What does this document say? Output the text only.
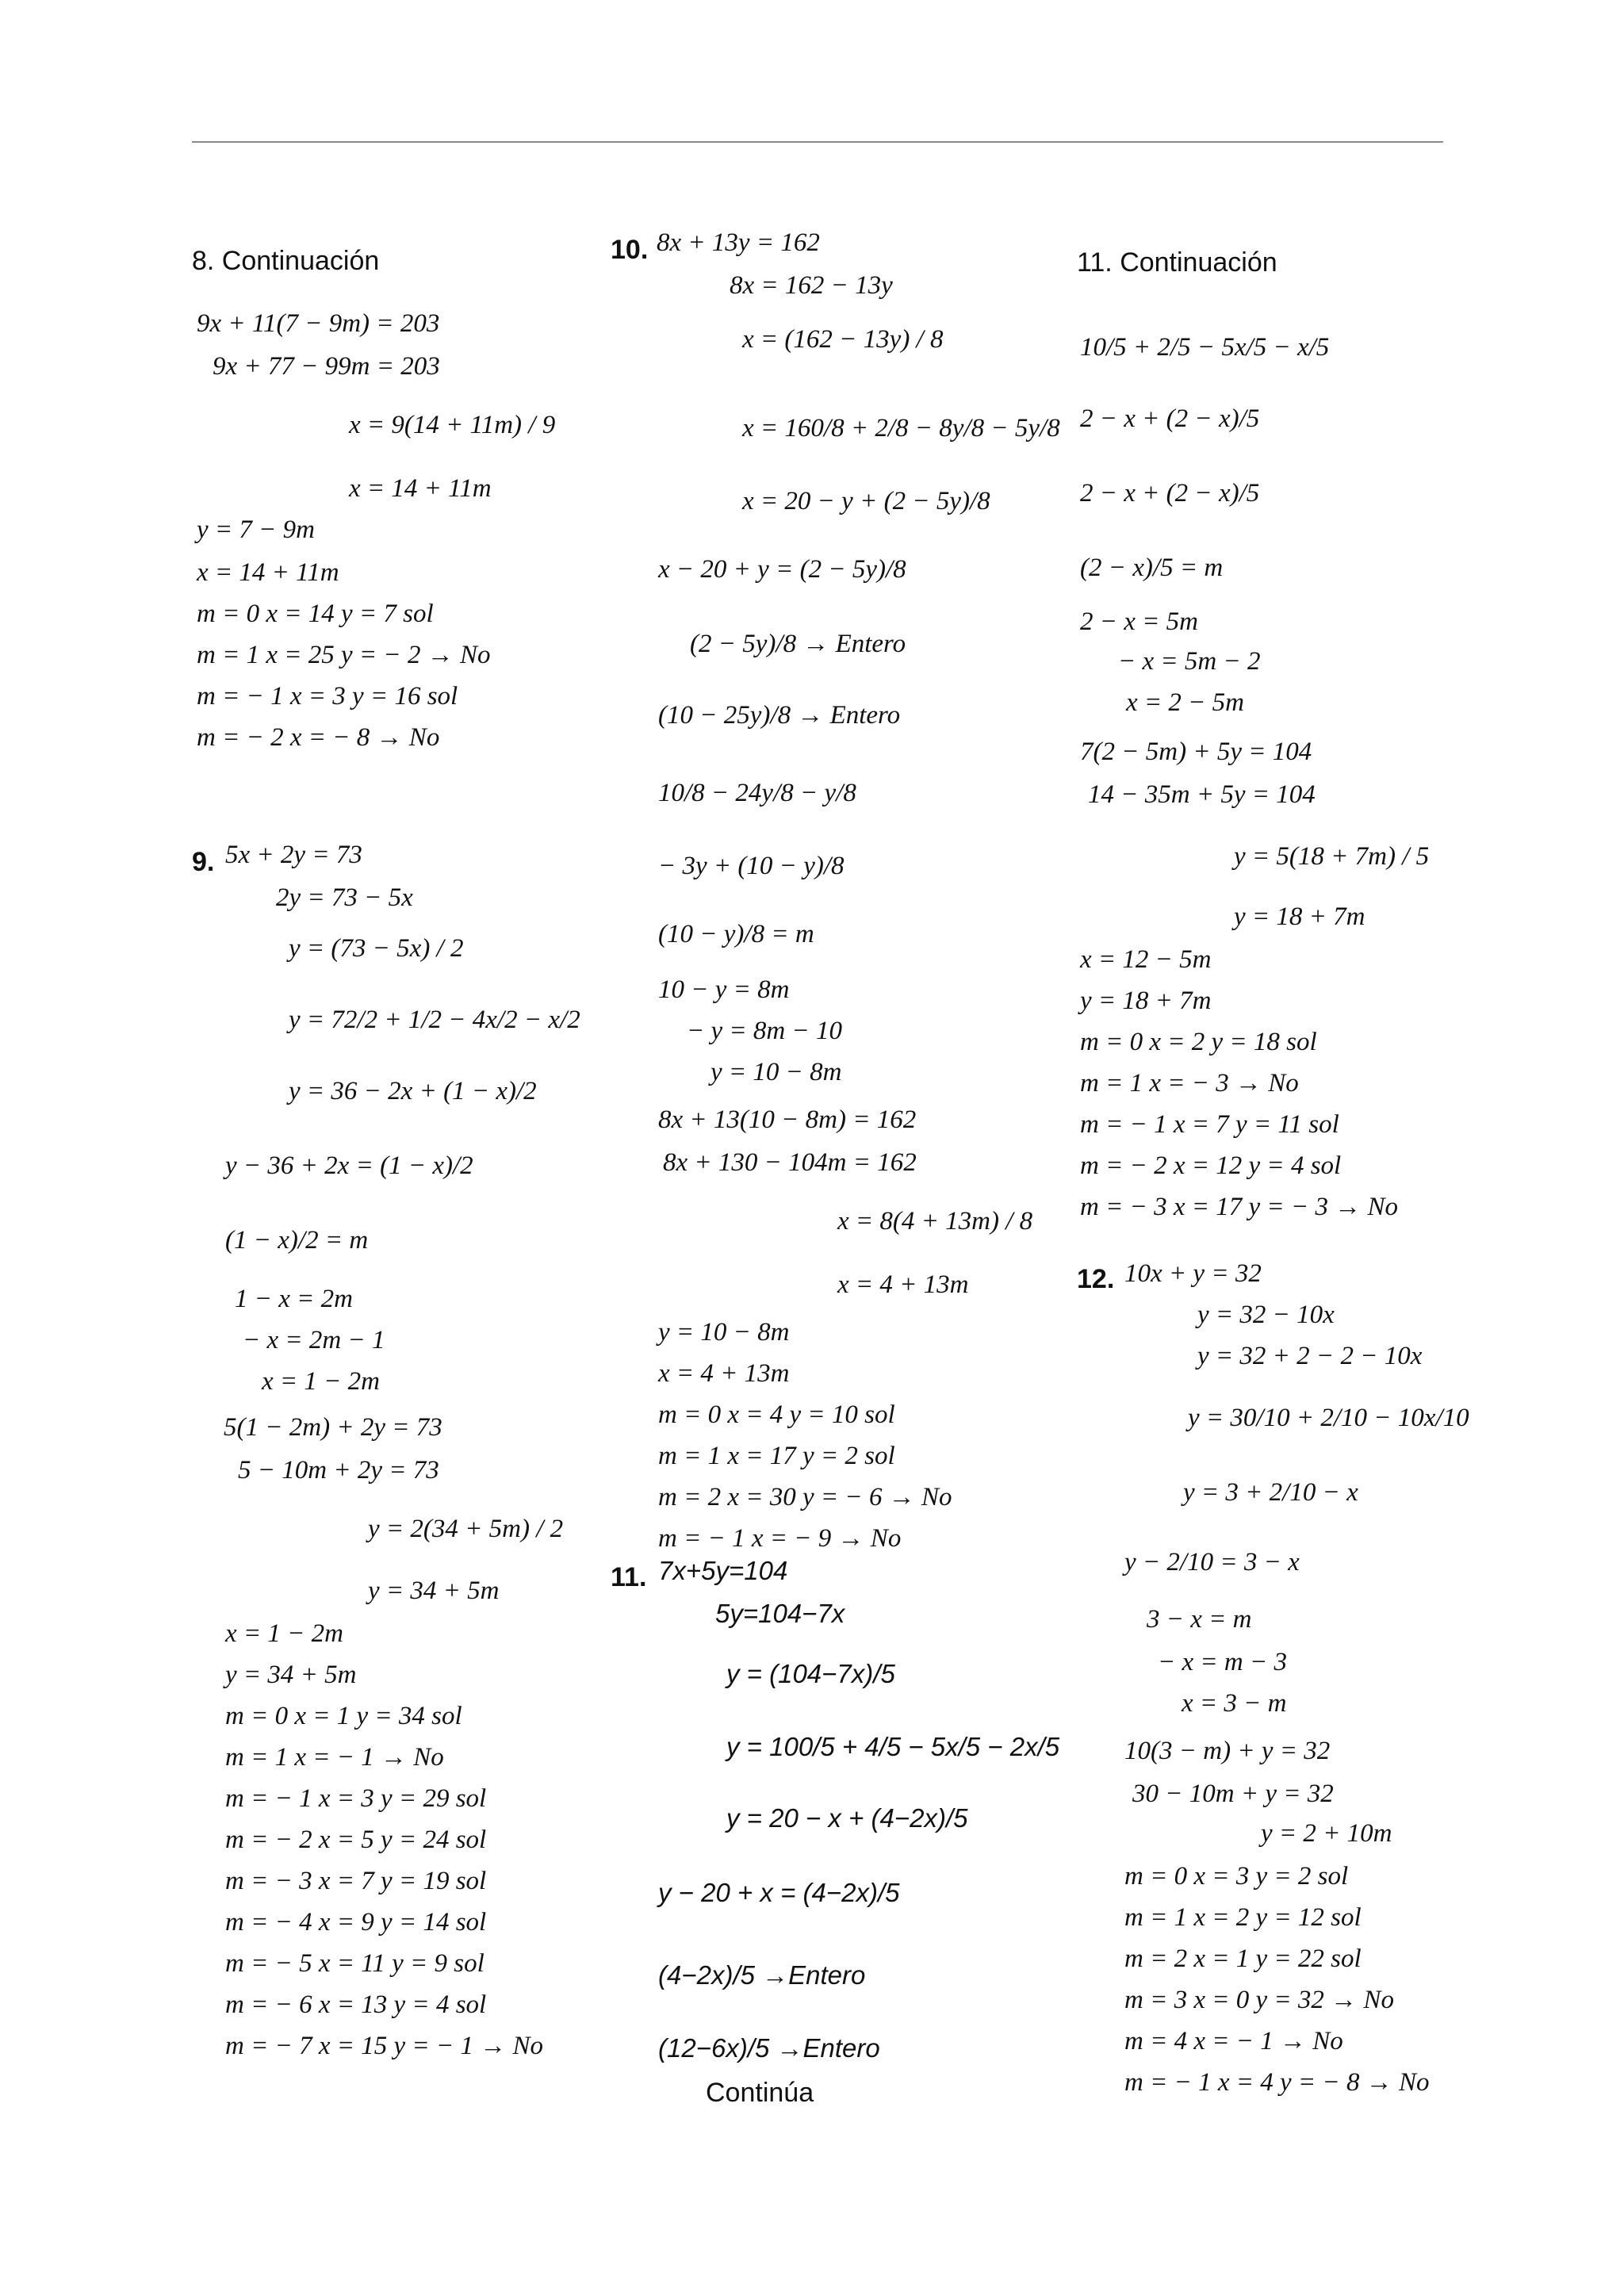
8. Continuación
9x + 11(7 − 9m) = 203
9x + 77 − 99m = 203
x = 9(14 + 11m) / 9
x = 14 + 11m
y = 7 − 9m
x = 14 + 11m
m = 0 x = 14 y = 7 sol
m = 1 x = 25 y = − 2 → No
m = − 1 x = 3 y = 16 sol
m = − 2 x = − 8 → No
9. 5x + 2y = 73
2y = 73 − 5x
y = (73 − 5x) / 2
y = 72/2 + 1/2 − 4x/2 − x/2
y = 36 − 2x + (1 − x)/2
y − 36 + 2x = (1 − x)/2
(1 − x)/2 = m
1 − x = 2m
− x = 2m − 1
x = 1 − 2m
5(1 − 2m) + 2y = 73
5 − 10m + 2y = 73
y = 2(34 + 5m) / 2
y = 34 + 5m
x = 1 − 2m
y = 34 + 5m
m = 0 x = 1 y = 34 sol
m = 1 x = − 1 → No
m = − 1 x = 3 y = 29 sol
m = − 2 x = 5 y = 24 sol
m = − 3 x = 7 y = 19 sol
m = − 4 x = 9 y = 14 sol
m = − 5 x = 11 y = 9 sol
m = − 6 x = 13 y = 4 sol
m = − 7 x = 15 y = − 1 → No
10. 8x + 13y = 162
8x = 162 − 13y
x = (162 − 13y) / 8
x = 160/8 + 2/8 − 8y/8 − 5y/8
x = 20 − y + (2 − 5y)/8
x − 20 + y = (2 − 5y)/8
(2 − 5y)/8 → Entero
(10 − 25y)/8 → Entero
10/8 − 24y/8 − y/8
− 3y + (10 − y)/8
(10 − y)/8 = m
10 − y = 8m
− y = 8m − 10
y = 10 − 8m
8x + 13(10 − 8m) = 162
8x + 130 − 104m = 162
x = 8(4 + 13m) / 8
x = 4 + 13m
y = 10 − 8m
x = 4 + 13m
m = 0 x = 4 y = 10 sol
m = 1 x = 17 y = 2 sol
m = 2 x = 30 y = − 6 → No
m = − 1 x = − 9 → No
11. 7x+5y=104
5y=104−7x
y = (104−7x)/5
y = 100/5 + 4/5 − 5x/5 − 2x/5
y = 20 − x + (4−2x)/5
y − 20 + x = (4−2x)/5
(4−2x)/5 →Entero
(12−6x)/5 →Entero
Continúa
11. Continuación
10/5 + 2/5 − 5x/5 − x/5
2 − x + (2 − x)/5
2 − x + (2 − x)/5
(2 − x)/5 = m
2 − x = 5m
− x = 5m − 2
x = 2 − 5m
7(2 − 5m) + 5y = 104
14 − 35m + 5y = 104
y = 5(18 + 7m) / 5
y = 18 + 7m
x = 12 − 5m
y = 18 + 7m
m = 0 x = 2 y = 18 sol
m = 1 x = − 3 → No
m = − 1 x = 7 y = 11 sol
m = − 2 x = 12 y = 4 sol
m = − 3 x = 17 y = − 3 → No
12. 10x + y = 32
y = 32 − 10x
y = 32 + 2 − 2 − 10x
y = 30/10 + 2/10 − 10x/10
y = 3 + 2/10 − x
y − 2/10 = 3 − x
3 − x = m
− x = m − 3
x = 3 − m
10(3 − m) + y = 32
30 − 10m + y = 32
y = 2 + 10m
m = 0 x = 3 y = 2 sol
m = 1 x = 2 y = 12 sol
m = 2 x = 1 y = 22 sol
m = 3 x = 0 y = 32 → No
m = 4 x = − 1 → No
m = − 1 x = 4 y = − 8 → No
